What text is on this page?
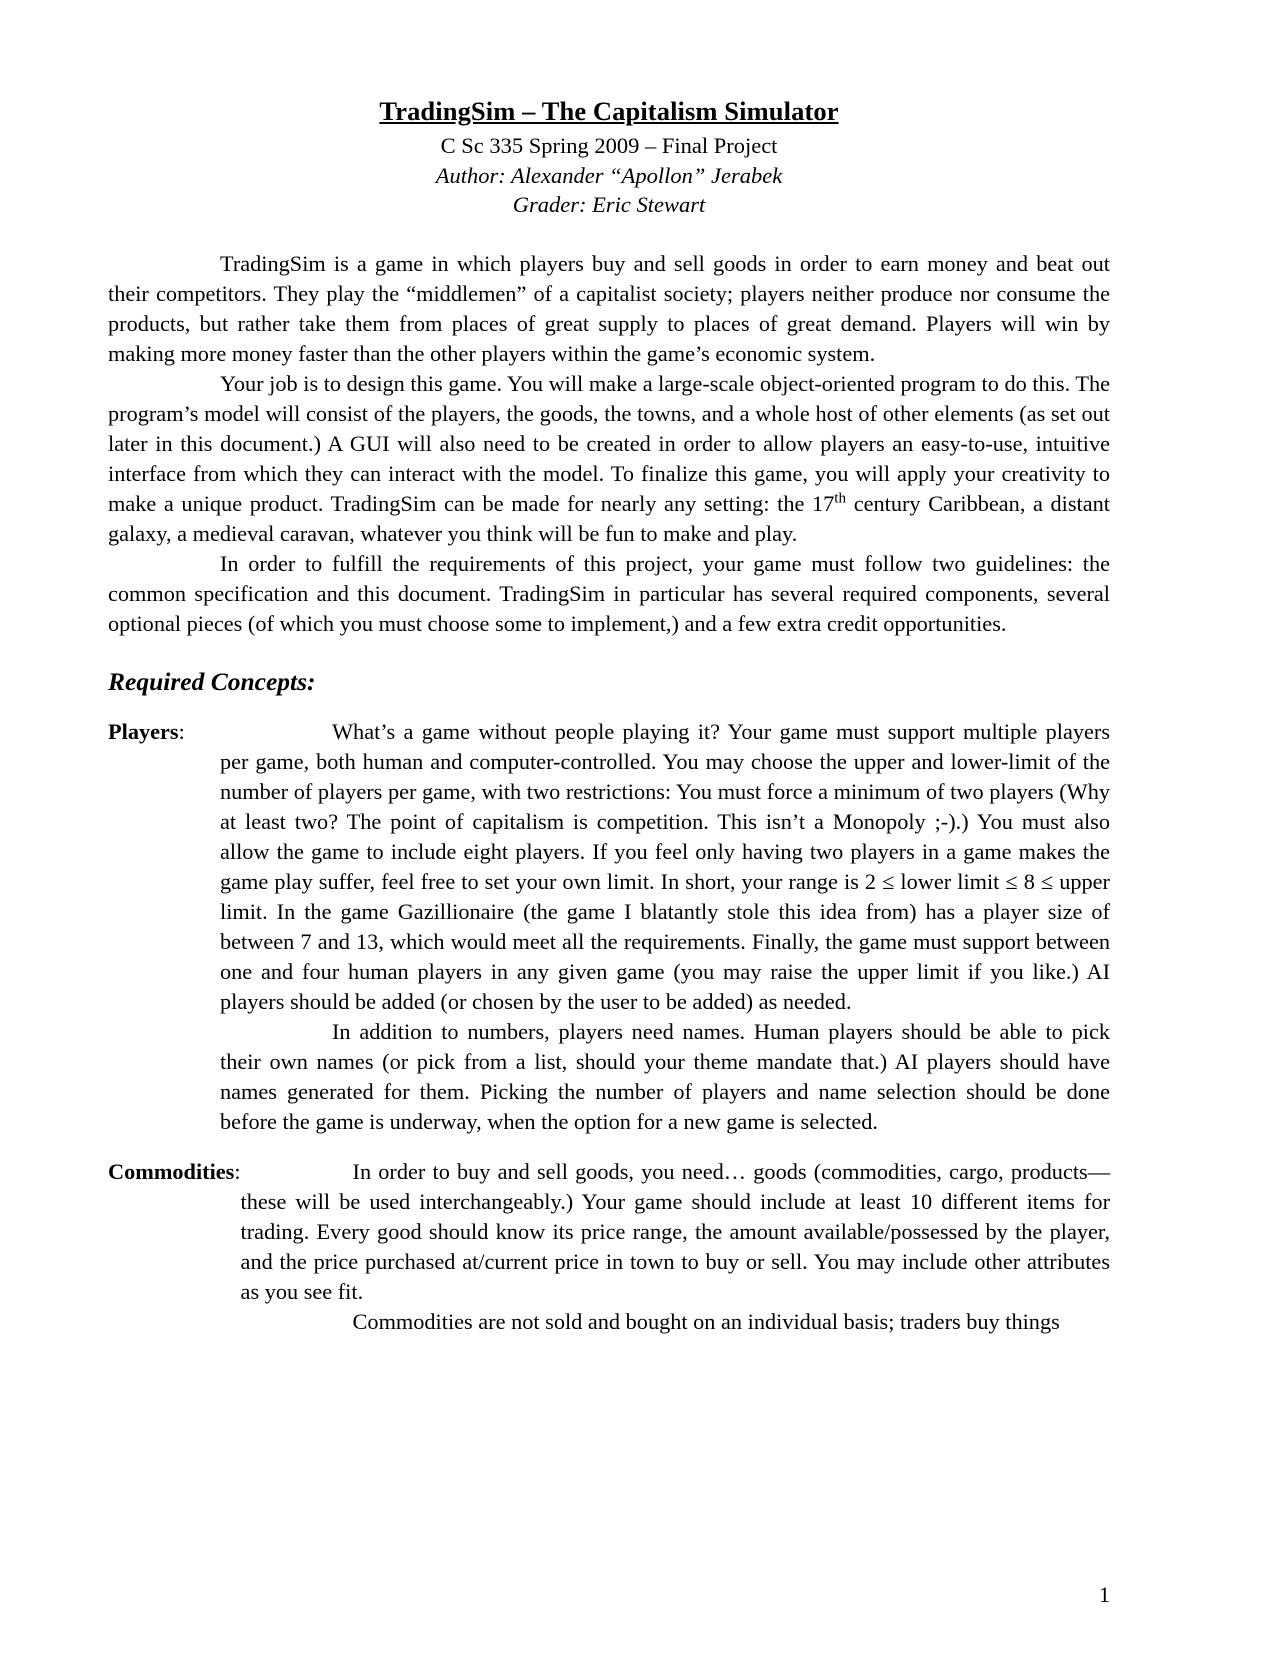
TradingSim – The Capitalism Simulator
C Sc 335 Spring 2009 – Final Project
Author: Alexander “Apollon” Jerabek
Grader: Eric Stewart

TradingSim is a game in which players buy and sell goods in order to earn money and beat out their competitors. They play the “middlemen” of a capitalist society; players neither produce nor consume the products, but rather take them from places of great supply to places of great demand. Players will win by making more money faster than the other players within the game’s economic system.

Your job is to design this game. You will make a large-scale object-oriented program to do this. The program’s model will consist of the players, the goods, the towns, and a whole host of other elements (as set out later in this document.) A GUI will also need to be created in order to allow players an easy-to-use, intuitive interface from which they can interact with the model. To finalize this game, you will apply your creativity to make a unique product. TradingSim can be made for nearly any setting: the 17th century Caribbean, a distant galaxy, a medieval caravan, whatever you think will be fun to make and play.

In order to fulfill the requirements of this project, your game must follow two guidelines: the common specification and this document. TradingSim in particular has several required components, several optional pieces (of which you must choose some to implement,) and a few extra credit opportunities.

Required Concepts:
Players:	What’s a game without people playing it? Your game must support multiple players per game, both human and computer-controlled. You may choose the upper and lower-limit of the number of players per game, with two restrictions: You must force a minimum of two players (Why at least two? The point of capitalism is competition. This isn’t a Monopoly ;-).) You must also allow the game to include eight players. If you feel only having two players in a game makes the game play suffer, feel free to set your own limit. In short, your range is 2 ≤ lower limit ≤ 8 ≤ upper limit. In the game Gazillionaire (the game I blatantly stole this idea from) has a player size of between 7 and 13, which would meet all the requirements. Finally, the game must support between one and four human players in any given game (you may raise the upper limit if you like.) AI players should be added (or chosen by the user to be added) as needed.

In addition to numbers, players need names. Human players should be able to pick their own names (or pick from a list, should your theme mandate that.) AI players should have names generated for them. Picking the number of players and name selection should be done before the game is underway, when the option for a new game is selected.

Commodities:	In order to buy and sell goods, you need… goods (commodities, cargo, products—these will be used interchangeably.) Your game should include at least 10 different items for trading. Every good should know its price range, the amount available/possessed by the player, and the price purchased at/current price in town to buy or sell. You may include other attributes as you see fit.

Commodities are not sold and bought on an individual basis; traders buy things

1
